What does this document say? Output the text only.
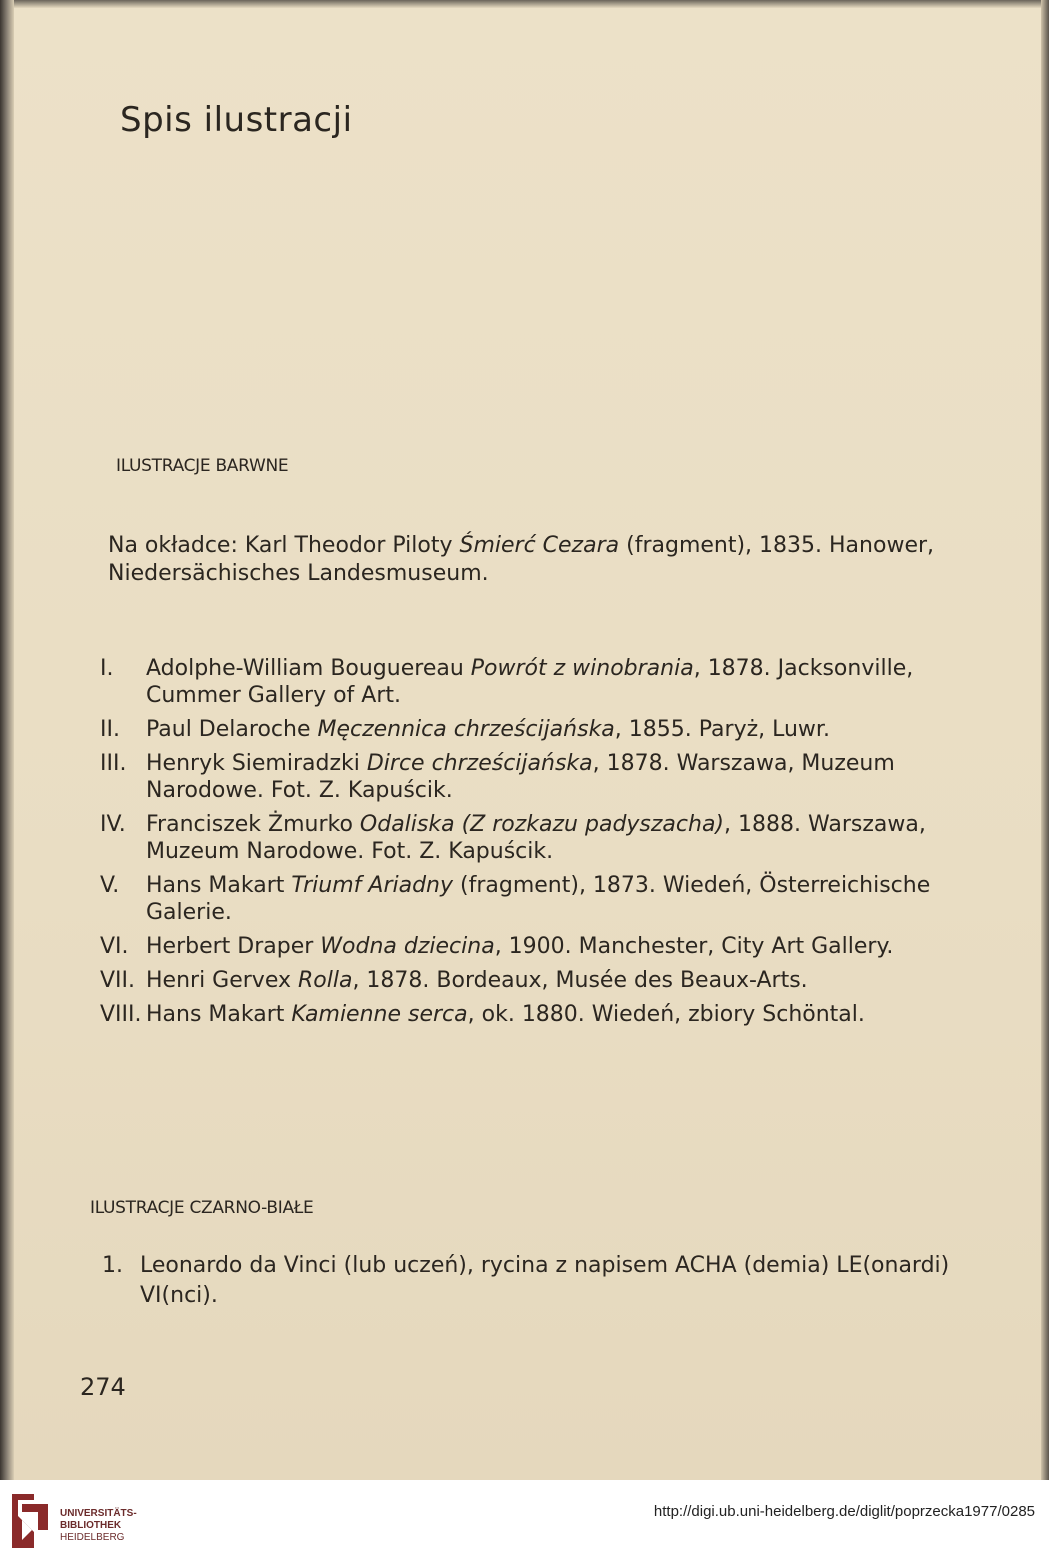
Spis ilustracji
ILUSTRACJE BARWNE

Na okładce: Karl Theodor Piloty Śmierć Cezara (fragment), 1835. Hanower, Niedersächisches Landesmuseum.

I. Adolphe-William Bouguereau Powrót z winobrania, 1878. Jacksonville, Cummer Gallery of Art.
II. Paul Delaroche Męczennica chrześcijańska, 1855. Paryż, Luwr.
III. Henryk Siemiradzki Dirce chrześcijańska, 1878. Warszawa, Muzeum Narodowe. Fot. Z. Kapuścik.
IV. Franciszek Żmurko Odaliska (Z rozkazu padyszacha), 1888. Warszawa, Muzeum Narodowe. Fot. Z. Kapuścik.
V. Hans Makart Triumf Ariadny (fragment), 1873. Wiedeń, Österreichische Galerie.
VI. Herbert Draper Wodna dziecina, 1900. Manchester, City Art Gallery.
VII. Henri Gervex Rolla, 1878. Bordeaux, Musée des Beaux-Arts.
VIII. Hans Makart Kamienne serca, ok. 1880. Wiedeń, zbiory Schöntal.
ILUSTRACJE CZARNO-BIAŁE
1. Leonardo da Vinci (lub uczeń), rycina z napisem ACHA (demia) LE(onardi) VI(nci).
274
UNIVERSITÄTS-
BIBLIOTHEK
HEIDELBERG
http://digi.ub.uni-heidelberg.de/diglit/poprzecka1977/0285
